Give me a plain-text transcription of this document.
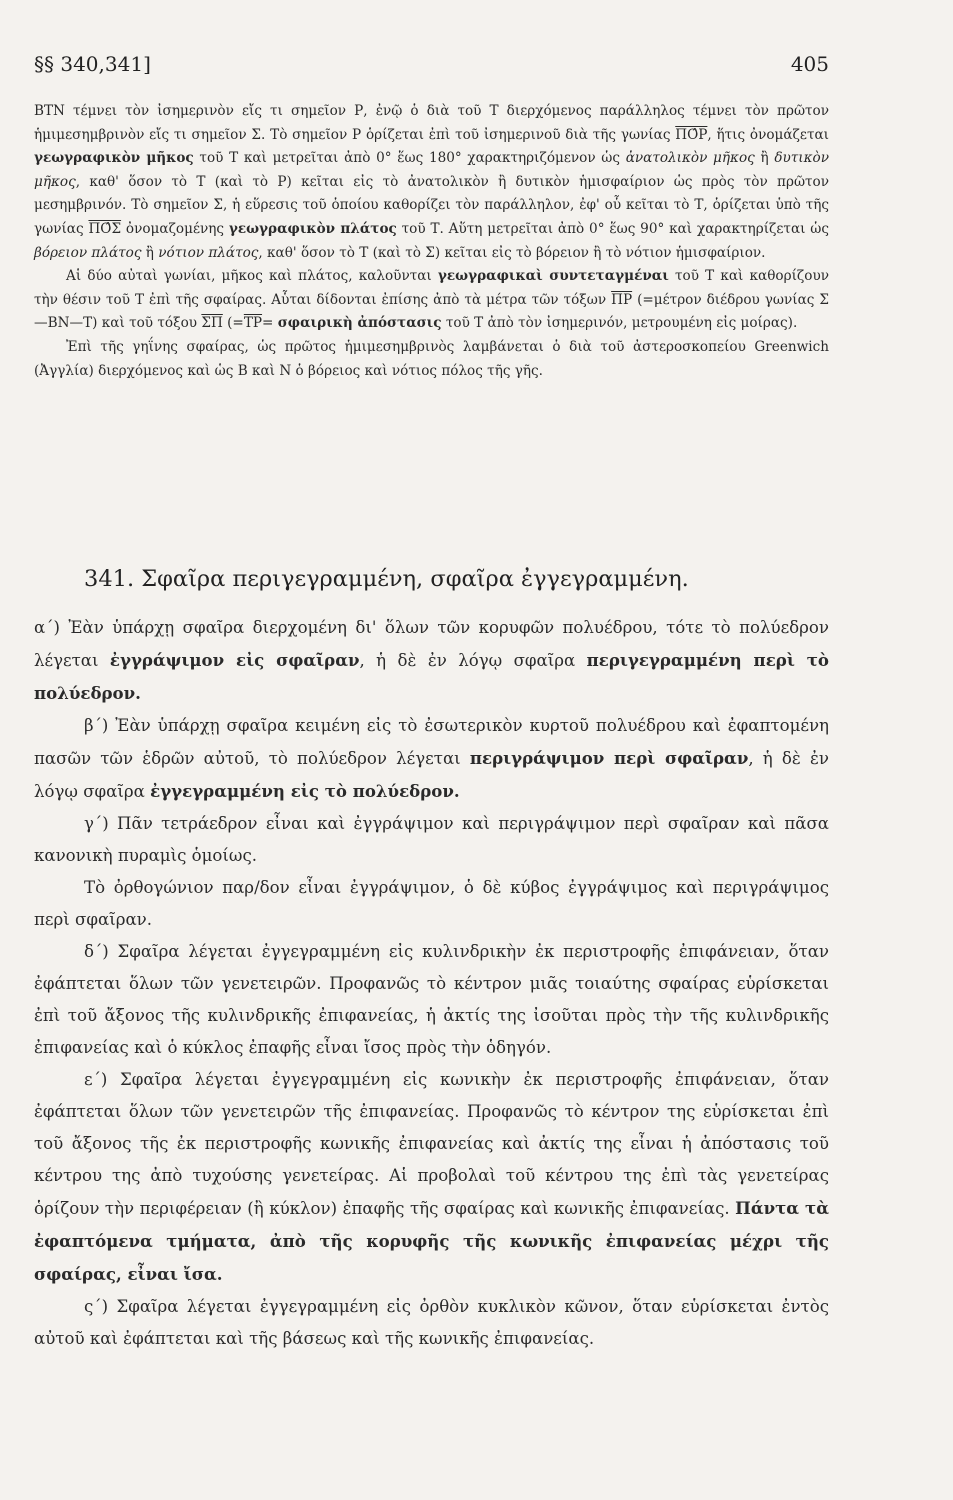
§§ 340,341]	405

ΒΤΝ τέμνει τὸν ἰσημερινὸν εἴς τι σημεῖον Ρ, ἐνῷ ὁ διὰ τοῦ Τ διερχόμενος παράλληλος τέμνει τὸν πρῶτον ἡμιμεσημβρινὸν εἴς τι σημεῖον Σ. Τὸ σημεῖον Ρ ὁρίζεται ἐπὶ τοῦ ἰσημερινοῦ διὰ τῆς γωνίας ΠΟ̂Ρ, ἥτις ὀνομάζεται γεωγραφικὸν μῆκος τοῦ Τ καὶ μετρεῖται ἀπὸ 0° ἕως 180° χαρακτηριζόμενον ὡς ἀνατολικὸν μῆκος ἢ δυτικὸν μῆκος, καθ' ὅσον τὸ Τ (καὶ τὸ Ρ) κεῖται εἰς τὸ ἀνατολικὸν ἢ δυτικὸν ἡμισφαίριον ὡς πρὸς τὸν πρῶτον μεσημβρινόν. Τὸ σημεῖον Σ, ἡ εὕρεσις τοῦ ὁποίου καθορίζει τὸν παράλληλον, ἐφ' οὗ κεῖται τὸ Τ, ὁρίζεται ὑπὸ τῆς γωνίας ΠΟ̂Σ ὀνομαζομένης γεωγραφικὸν πλάτος τοῦ Τ. Αὕτη μετρεῖται ἀπὸ 0° ἕως 90° καὶ χαρακτηρίζεται ὡς βόρειον πλάτος ἢ νότιον πλάτος, καθ' ὅσον τὸ Τ (καὶ τὸ Σ) κεῖται εἰς τὸ βόρειον ἢ τὸ νότιον ἡμισφαίριον.

Αἱ δύο αὐταὶ γωνίαι, μῆκος καὶ πλάτος, καλοῦνται γεωγραφικαὶ συντεταγμέναι τοῦ Τ καὶ καθορίζουν τὴν θέσιν τοῦ Τ ἐπὶ τῆς σφαίρας. Αὗται δίδονται ἐπίσης ἀπὸ τὰ μέτρα τῶν τόξων $\overline{\Pi P}$ (=μέτρον διέδρου γωνίας Σ—ΒΝ—Τ) καὶ τοῦ τόξου $\overline{\Sigma\Pi}$ ($=\overline{TP}=$ σφαιρικὴ ἀπόστασις τοῦ Τ ἀπὸ τὸν ἰσημερινόν, μετρουμένη εἰς μοίρας).

Ἐπὶ τῆς γηΐνης σφαίρας, ὡς πρῶτος ἡμιμεσημβρινὸς λαμβάνεται ὁ διὰ τοῦ ἀστεροσκοπείου Greenwich (Ἀγγλία) διερχόμενος καὶ ὡς Β καὶ Ν ὁ βόρειος καὶ νότιος πόλος τῆς γῆς.

341. Σφαῖρα περιγεγραμμένη, σφαῖρα ἐγγεγραμμένη.

α΄) Ἐὰν ὑπάρχῃ σφαῖρα διερχομένη δι' ὅλων τῶν κορυφῶν πολυέδρου, τότε τὸ πολύεδρον λέγεται ἐγγράψιμον εἰς σφαῖραν, ἡ δὲ ἐν λόγῳ σφαῖρα περιγεγραμμένη περὶ τὸ πολύεδρον.

β΄) Ἐὰν ὑπάρχῃ σφαῖρα κειμένη εἰς τὸ ἐσωτερικὸν κυρτοῦ πολυέδρου καὶ ἐφαπτομένη πασῶν τῶν ἑδρῶν αὐτοῦ, τὸ πολύεδρον λέγεται περιγράψιμον περὶ σφαῖραν, ἡ δὲ ἐν λόγῳ σφαῖρα ἐγγεγραμμένη εἰς τὸ πολύεδρον.

γ΄) Πᾶν τετράεδρον εἶναι καὶ ἐγγράψιμον καὶ περιγράψιμον περὶ σφαῖραν καὶ πᾶσα κανονικὴ πυραμὶς ὁμοίως.

Τὸ ὀρθογώνιον παρ/δον εἶναι ἐγγράψιμον, ὁ δὲ κύβος ἐγγράψιμος καὶ περιγράψιμος περὶ σφαῖραν.

δ΄) Σφαῖρα λέγεται ἐγγεγραμμένη εἰς κυλινδρικὴν ἐκ περιστροφῆς ἐπιφάνειαν, ὅταν ἐφάπτεται ὅλων τῶν γενετειρῶν. Προφανῶς τὸ κέντρον μιᾶς τοιαύτης σφαίρας εὑρίσκεται ἐπὶ τοῦ ἄξονος τῆς κυλινδρικῆς ἐπιφανείας, ἡ ἀκτίς της ἰσοῦται πρὸς τὴν τῆς κυλινδρικῆς ἐπιφανείας καὶ ὁ κύκλος ἐπαφῆς εἶναι ἴσος πρὸς τὴν ὁδηγόν.

ε΄) Σφαῖρα λέγεται ἐγγεγραμμένη εἰς κωνικὴν ἐκ περιστροφῆς ἐπιφάνειαν, ὅταν ἐφάπτεται ὅλων τῶν γενετειρῶν τῆς ἐπιφανείας. Προφανῶς τὸ κέντρον της εὑρίσκεται ἐπὶ τοῦ ἄξονος τῆς ἐκ περιστροφῆς κωνικῆς ἐπιφανείας καὶ ἀκτίς της εἶναι ἡ ἀπόστασις τοῦ κέντρου της ἀπὸ τυχούσης γενετείρας. Αἱ προβολαὶ τοῦ κέντρου της ἐπὶ τὰς γενετείρας ὁρίζουν τὴν περιφέρειαν (ἢ κύκλον) ἐπαφῆς τῆς σφαίρας καὶ κωνικῆς ἐπιφανείας. Πάντα τὰ ἐφαπτόμενα τμήματα, ἀπὸ τῆς κορυφῆς τῆς κωνικῆς ἐπιφανείας μέχρι τῆς σφαίρας, εἶναι ἴσα.

ς΄) Σφαῖρα λέγεται ἐγγεγραμμένη εἰς ὀρθὸν κυκλικὸν κῶνον, ὅταν εὑρίσκεται ἐντὸς αὐτοῦ καὶ ἐφάπτεται καὶ τῆς βάσεως καὶ τῆς κωνικῆς ἐπιφανείας.
